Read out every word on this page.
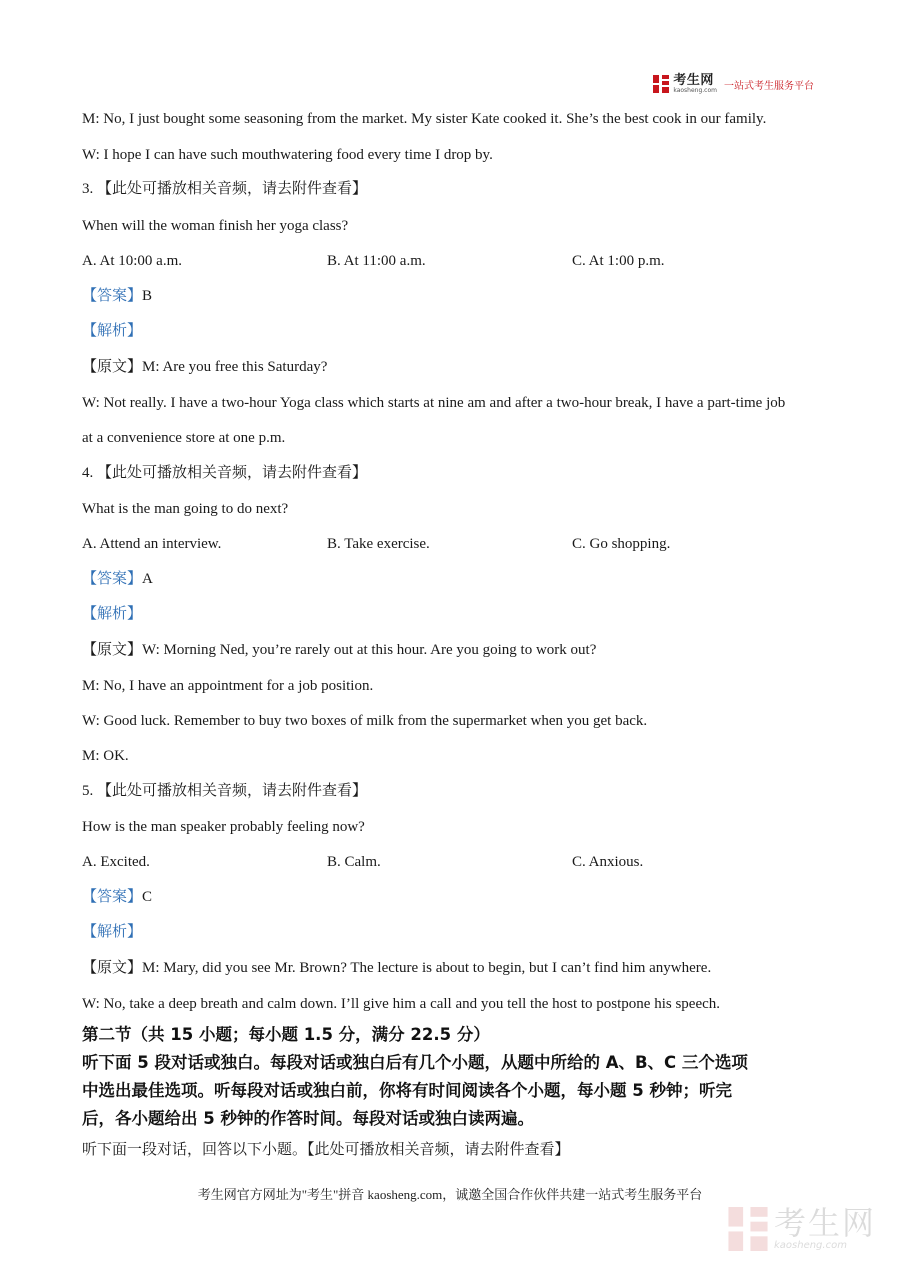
考生网
kaosheng.com 一站式考生服务平台
M: No, I just bought some seasoning from the market. My sister Kate cooked it. She’s the best cook in our family.
W: I hope I can have such mouthwatering food every time I drop by.
3. 【此处可播放相关音频，请去附件查看】
When will the woman finish her yoga class?
A. At 10:00 a.m.	B. At 11:00 a.m.	C. At 1:00 p.m.
【答案】B
【解析】
【原文】M: Are you free this Saturday?
W: Not really. I have a two-hour Yoga class which starts at nine am and after a two-hour break, I have a part-time job
at a convenience store at one p.m.
4. 【此处可播放相关音频，请去附件查看】
What is the man going to do next?
A. Attend an interview.	B. Take exercise.	C. Go shopping.
【答案】A
【解析】
【原文】W: Morning Ned, you’re rarely out at this hour. Are you going to work out?
M: No, I have an appointment for a job position.
W: Good luck. Remember to buy two boxes of milk from the supermarket when you get back.
M: OK.
5. 【此处可播放相关音频，请去附件查看】
How is the man speaker probably feeling now?
A. Excited.	B. Calm.	C. Anxious.
【答案】C
【解析】
【原文】M: Mary, did you see Mr. Brown? The lecture is about to begin, but I can’t find him anywhere.
W: No, take a deep breath and calm down. I’ll give him a call and you tell the host to postpone his speech.
第二节（共 15 小题；每小题 1.5 分，满分 22.5 分）
听下面 5 段对话或独白。每段对话或独白后有几个小题，从题中所给的 A、B、C 三个选项
中选出最佳选项。听每段对话或独白前，你将有时间阅读各个小题，每小题 5 秒钟；听完
后，各小题给出 5 秒钟的作答时间。每段对话或独白读两遍。
听下面一段对话，回答以下小题。【此处可播放相关音频，请去附件查看】
考生网官方网址为"考生"拼音 kaosheng.com，诚邀全国合作伙伴共建一站式考生服务平台
考生网
kaosheng.com
